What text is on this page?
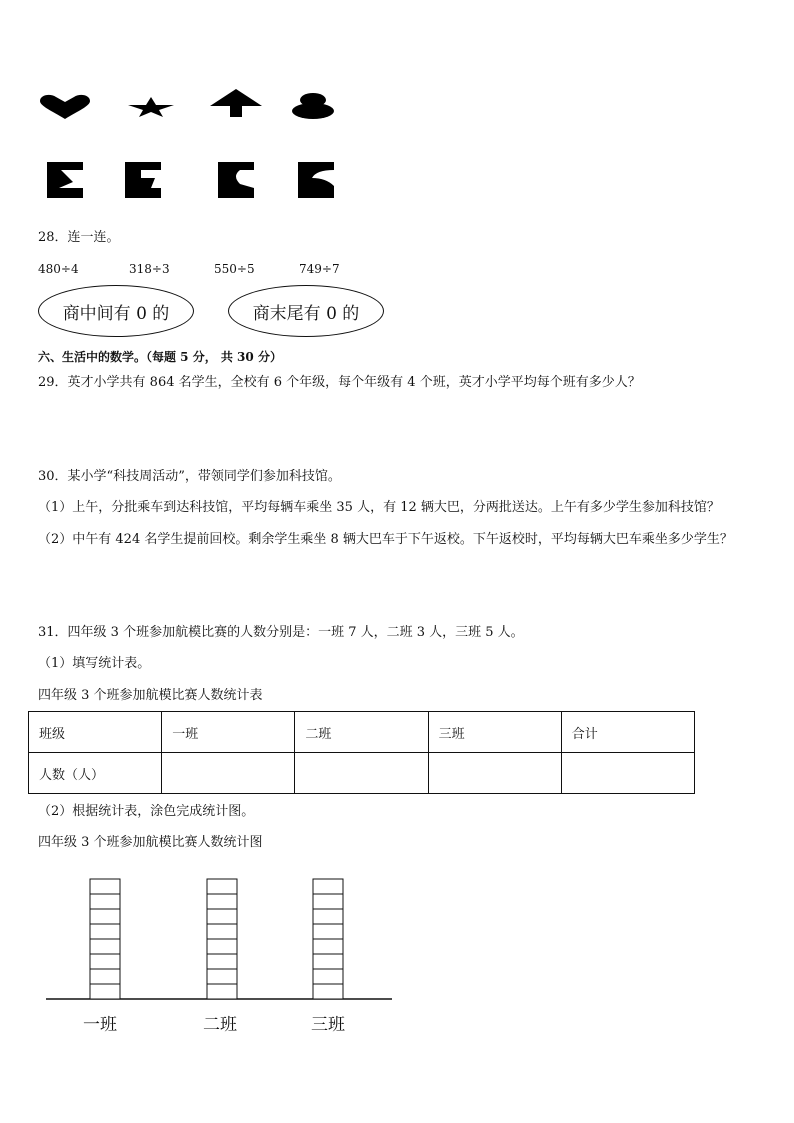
28．连一连。
480÷4	318÷3	550÷5	749÷7
商中间有 0 的	商末尾有 0 的
六、生活中的数学。（每题 5 分， 共 30 分）
29．英才小学共有 864 名学生，全校有 6 个年级，每个年级有 4 个班，英才小学平均每个班有多少人？
30．某小学“科技周活动”，带领同学们参加科技馆。
（1）上午，分批乘车到达科技馆，平均每辆车乘坐 35 人，有 12 辆大巴，分两批送达。上午有多少学生参加科技馆？
（2）中午有 424 名学生提前回校。剩余学生乘坐 8 辆大巴车于下午返校。下午返校时，平均每辆大巴车乘坐多少学生？
31．四年级 3 个班参加航模比赛的人数分别是：一班 7 人，二班 3 人，三班 5 人。
（1）填写统计表。
四年级 3 个班参加航模比赛人数统计表
班级	一班	二班	三班	合计
人数（人）				
（2）根据统计表，涂色完成统计图。
四年级 3 个班参加航模比赛人数统计图
一班	二班	三班
